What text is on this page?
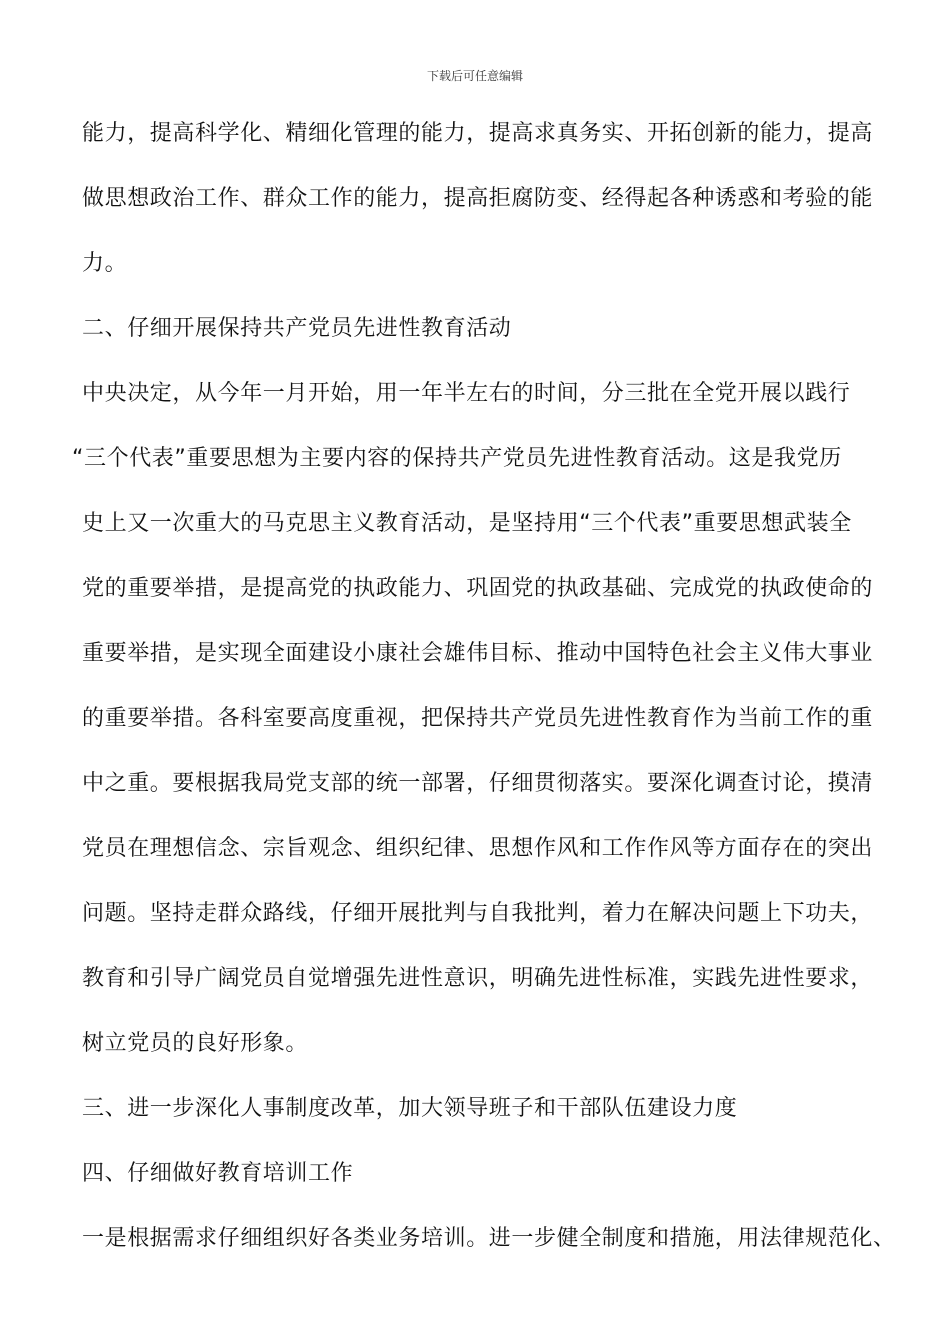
下载后可任意编辑

能力，提高科学化、精细化管理的能力，提高求真务实、开拓创新的能力，提高

做思想政治工作、群众工作的能力，提高拒腐防变、经得起各种诱惑和考验的能

力。

二、仔细开展保持共产党员先进性教育活动

中央决定，从今年一月开始，用一年半左右的时间，分三批在全党开展以践行

“三个代表”重要思想为主要内容的保持共产党员先进性教育活动。这是我党历

史上又一次重大的马克思主义教育活动，是坚持用“三个代表”重要思想武装全

党的重要举措，是提高党的执政能力、巩固党的执政基础、完成党的执政使命的

重要举措，是实现全面建设小康社会雄伟目标、推动中国特色社会主义伟大事业

的重要举措。各科室要高度重视，把保持共产党员先进性教育作为当前工作的重

中之重。要根据我局党支部的统一部署，仔细贯彻落实。要深化调查讨论，摸清

党员在理想信念、宗旨观念、组织纪律、思想作风和工作作风等方面存在的突出

问题。坚持走群众路线，仔细开展批判与自我批判，着力在解决问题上下功夫，

教育和引导广阔党员自觉增强先进性意识，明确先进性标准，实践先进性要求，

树立党员的良好形象。

三、进一步深化人事制度改革，加大领导班子和干部队伍建设力度

四、仔细做好教育培训工作

一是根据需求仔细组织好各类业务培训。进一步健全制度和措施，用法律规范化、
